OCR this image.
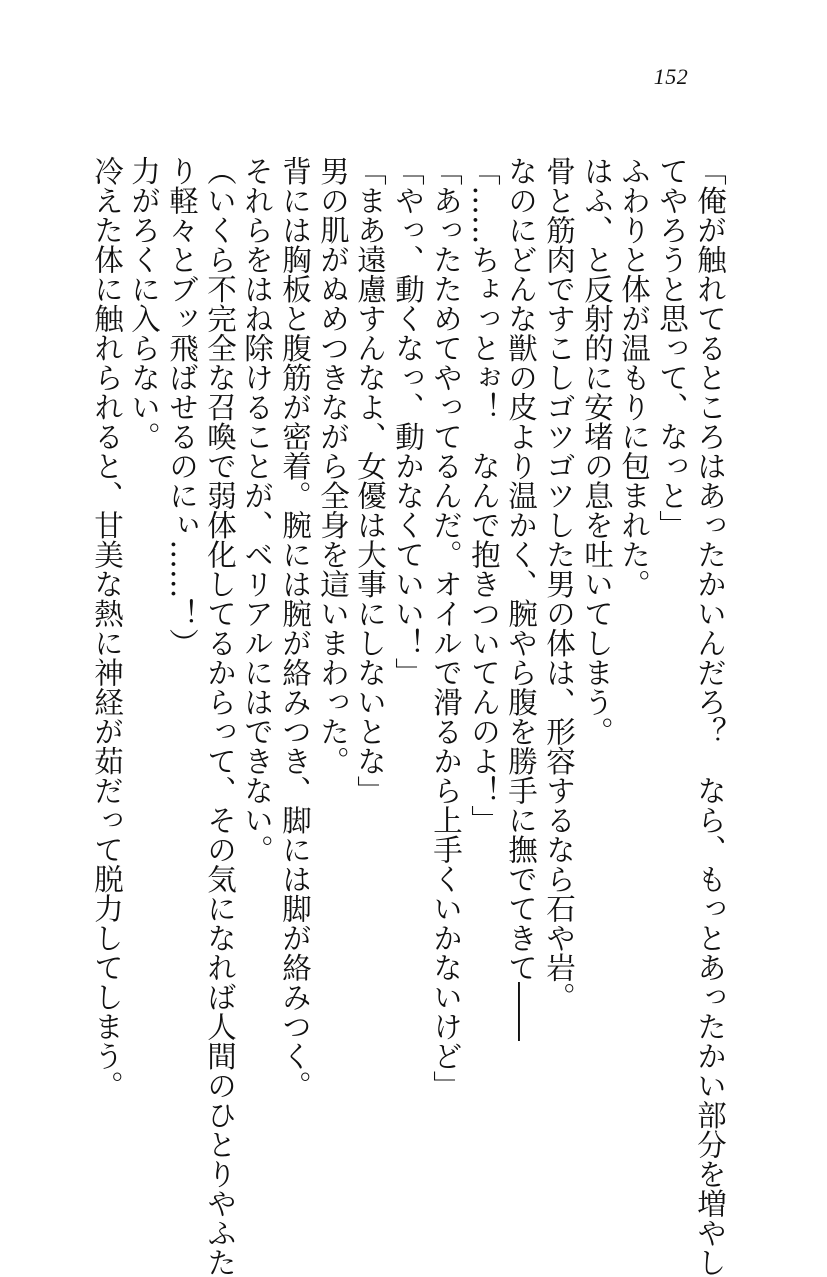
152
「俺が触れてるところはあったかいんだろ？　なら、もっとあったかい部分を増やし
てやろうと思って、なっと」
ふわりと体が温もりに包まれた。
はふ、と反射的に安堵の息を吐いてしまう。
骨と筋肉ですこしゴツゴツした男の体は、形容するなら石や岩。
なのにどんな獣の皮より温かく、腕やら腹を勝手に撫でてきて――
「……ちょっとぉ！　なんで抱きついてんのよ！」
「あったためてやってるんだ。オイルで滑るから上手くいかないけど」
「やっ、動くなっ、動かなくていい！」
「まあ遠慮すんなよ、女優は大事にしないとな」
男の肌がぬめつきながら全身を這いまわった。
背には胸板と腹筋が密着。腕には腕が絡みつき、脚には脚が絡みつく。
それらをはね除けることが、ベリアルにはできない。
（いくら不完全な召喚で弱体化してるからって、その気になれば人間のひとりやふた
り軽々とブッ飛ばせるのにぃ……！）
力がろくに入らない。
冷えた体に触れられると、甘美な熱に神経が茹だって脱力してしまう。
